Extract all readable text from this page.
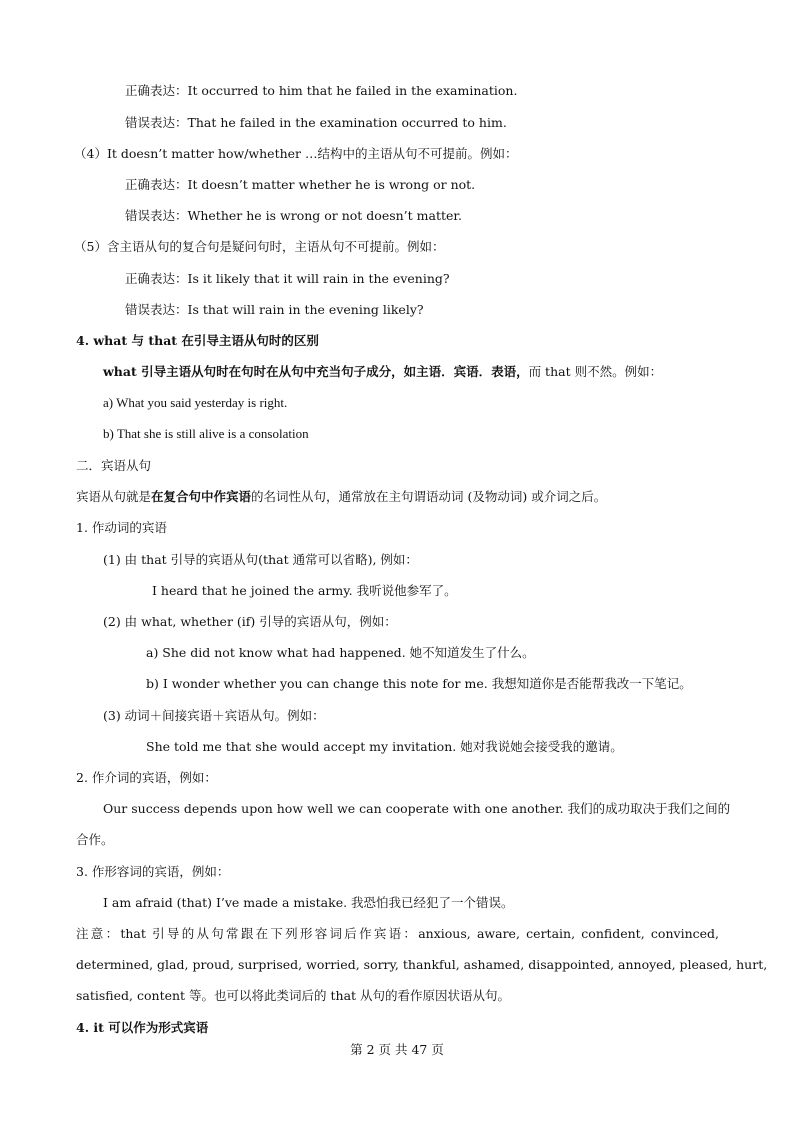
正确表达：It occurred to him that he failed in the examination.
错误表达：That he failed in the examination occurred to him.
（4）It doesn’t matter how/whether …结构中的主语从句不可提前。例如：
正确表达：It doesn’t matter whether he is wrong or not.
错误表达：Whether he is wrong or not doesn’t matter.
（5）含主语从句的复合句是疑问句时，主语从句不可提前。例如：
正确表达：Is it likely that it will rain in the evening?
错误表达：Is that will rain in the evening likely?
4. what 与 that 在引导主语从句时的区别
what 引导主语从句时在句时在从句中充当句子成分，如主语．宾语．表语，而 that 则不然。例如：
a) What you said yesterday is right.
b) That she is still alive is a consolation
二．宾语从句
宾语从句就是在复合句中作宾语的名词性从句，通常放在主句谓语动词 (及物动词) 或介词之后。
1. 作动词的宾语
(1) 由 that 引导的宾语从句(that 通常可以省略), 例如：
I heard that he joined the army. 我听说他参军了。
(2) 由 what, whether (if) 引导的宾语从句，例如：
a) She did not know what had happened. 她不知道发生了什么。
b) I wonder whether you can change this note for me. 我想知道你是否能帮我改一下笔记。
(3) 动词＋间接宾语＋宾语从句。例如：
She told me that she would accept my invitation. 她对我说她会接受我的邀请。
2. 作介词的宾语，例如：
Our success depends upon how well we can cooperate with one another. 我们的成功取决于我们之间的
合作。
3. 作形容词的宾语，例如：
I am afraid (that) I’ve made a mistake. 我恐怕我已经犯了一个错误。
注意：that 引导的从句常跟在下列形容词后作宾语：anxious, aware, certain, confident, convinced,
determined, glad, proud, surprised, worried, sorry, thankful, ashamed, disappointed, annoyed, pleased, hurt,
satisfied, content 等。也可以将此类词后的 that 从句的看作原因状语从句。
4. it 可以作为形式宾语
第 2 页 共 47 页
